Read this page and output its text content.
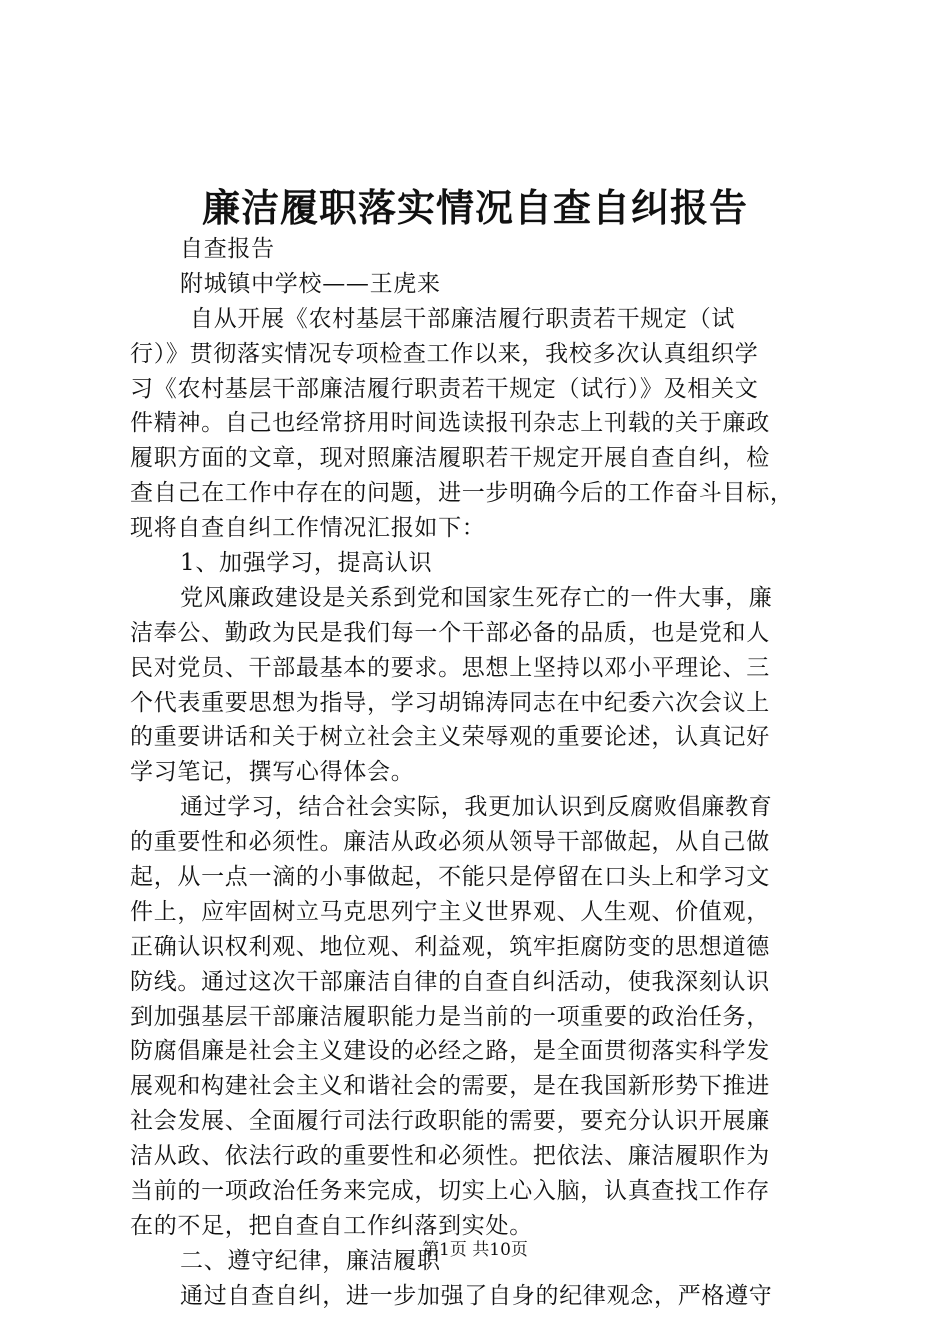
廉洁履职落实情况自查自纠报告
自查报告
附城镇中学校——王虎来
自从开展《农村基层干部廉洁履行职责若干规定（试
行）》贯彻落实情况专项检查工作以来，我校多次认真组织学
习《农村基层干部廉洁履行职责若干规定（试行）》及相关文
件精神。自己也经常挤用时间选读报刊杂志上刊载的关于廉政
履职方面的文章，现对照廉洁履职若干规定开展自查自纠，检
查自己在工作中存在的问题，进一步明确今后的工作奋斗目标，
现将自查自纠工作情况汇报如下：
1、加强学习，提高认识
党风廉政建设是关系到党和国家生死存亡的一件大事，廉
洁奉公、勤政为民是我们每一个干部必备的品质，也是党和人
民对党员、干部最基本的要求。思想上坚持以邓小平理论、三
个代表重要思想为指导，学习胡锦涛同志在中纪委六次会议上
的重要讲话和关于树立社会主义荣辱观的重要论述，认真记好
学习笔记，撰写心得体会。
通过学习，结合社会实际，我更加认识到反腐败倡廉教育
的重要性和必须性。廉洁从政必须从领导干部做起，从自己做
起，从一点一滴的小事做起，不能只是停留在口头上和学习文
件上，应牢固树立马克思列宁主义世界观、人生观、价值观，
正确认识权利观、地位观、利益观，筑牢拒腐防变的思想道德
防线。通过这次干部廉洁自律的自查自纠活动，使我深刻认识
到加强基层干部廉洁履职能力是当前的一项重要的政治任务，
防腐倡廉是社会主义建设的必经之路，是全面贯彻落实科学发
展观和构建社会主义和谐社会的需要，是在我国新形势下推进
社会发展、全面履行司法行政职能的需要，要充分认识开展廉
洁从政、依法行政的重要性和必须性。把依法、廉洁履职作为
当前的一项政治任务来完成，切实上心入脑，认真查找工作存
在的不足，把自查自工作纠落到实处。
二、遵守纪律，廉洁履职
通过自查自纠，进一步加强了自身的纪律观念，严格遵守
第1页 共10页
